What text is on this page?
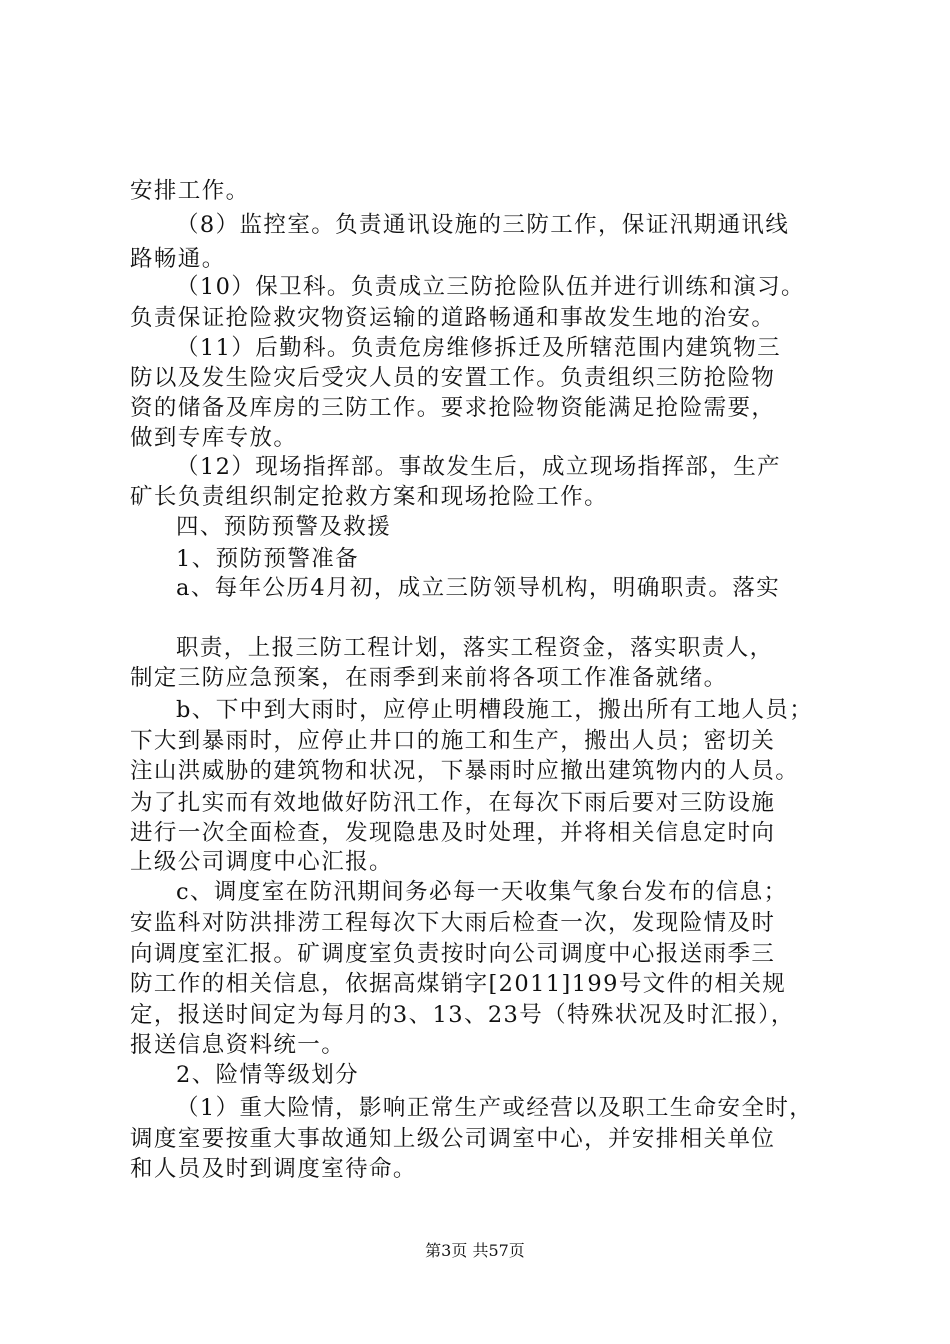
安排工作。
（8）监控室。负责通讯设施的三防工作，保证汛期通讯线
路畅通。
（10）保卫科。负责成立三防抢险队伍并进行训练和演习。
负责保证抢险救灾物资运输的道路畅通和事故发生地的治安。
（11）后勤科。负责危房维修拆迁及所辖范围内建筑物三
防以及发生险灾后受灾人员的安置工作。负责组织三防抢险物
资的储备及库房的三防工作。要求抢险物资能满足抢险需要，
做到专库专放。
（12）现场指挥部。事故发生后，成立现场指挥部，生产
矿长负责组织制定抢救方案和现场抢险工作。
四、预防预警及救援
1、预防预警准备
a、每年公历4月初，成立三防领导机构，明确职责。落实
职责，上报三防工程计划，落实工程资金，落实职责人，
制定三防应急预案，在雨季到来前将各项工作准备就绪。
b、下中到大雨时，应停止明槽段施工，搬出所有工地人员；
下大到暴雨时，应停止井口的施工和生产，搬出人员；密切关
注山洪威胁的建筑物和状况，下暴雨时应撤出建筑物内的人员。
为了扎实而有效地做好防汛工作，在每次下雨后要对三防设施
进行一次全面检查，发现隐患及时处理，并将相关信息定时向
上级公司调度中心汇报。
c、调度室在防汛期间务必每一天收集气象台发布的信息；
安监科对防洪排涝工程每次下大雨后检查一次，发现险情及时
向调度室汇报。矿调度室负责按时向公司调度中心报送雨季三
防工作的相关信息，依据高煤销字[2011]199号文件的相关规
定，报送时间定为每月的3、13、23号（特殊状况及时汇报），
报送信息资料统一。
2、险情等级划分
（1）重大险情，影响正常生产或经营以及职工生命安全时，
调度室要按重大事故通知上级公司调室中心，并安排相关单位
和人员及时到调度室待命。
第3页 共57页
